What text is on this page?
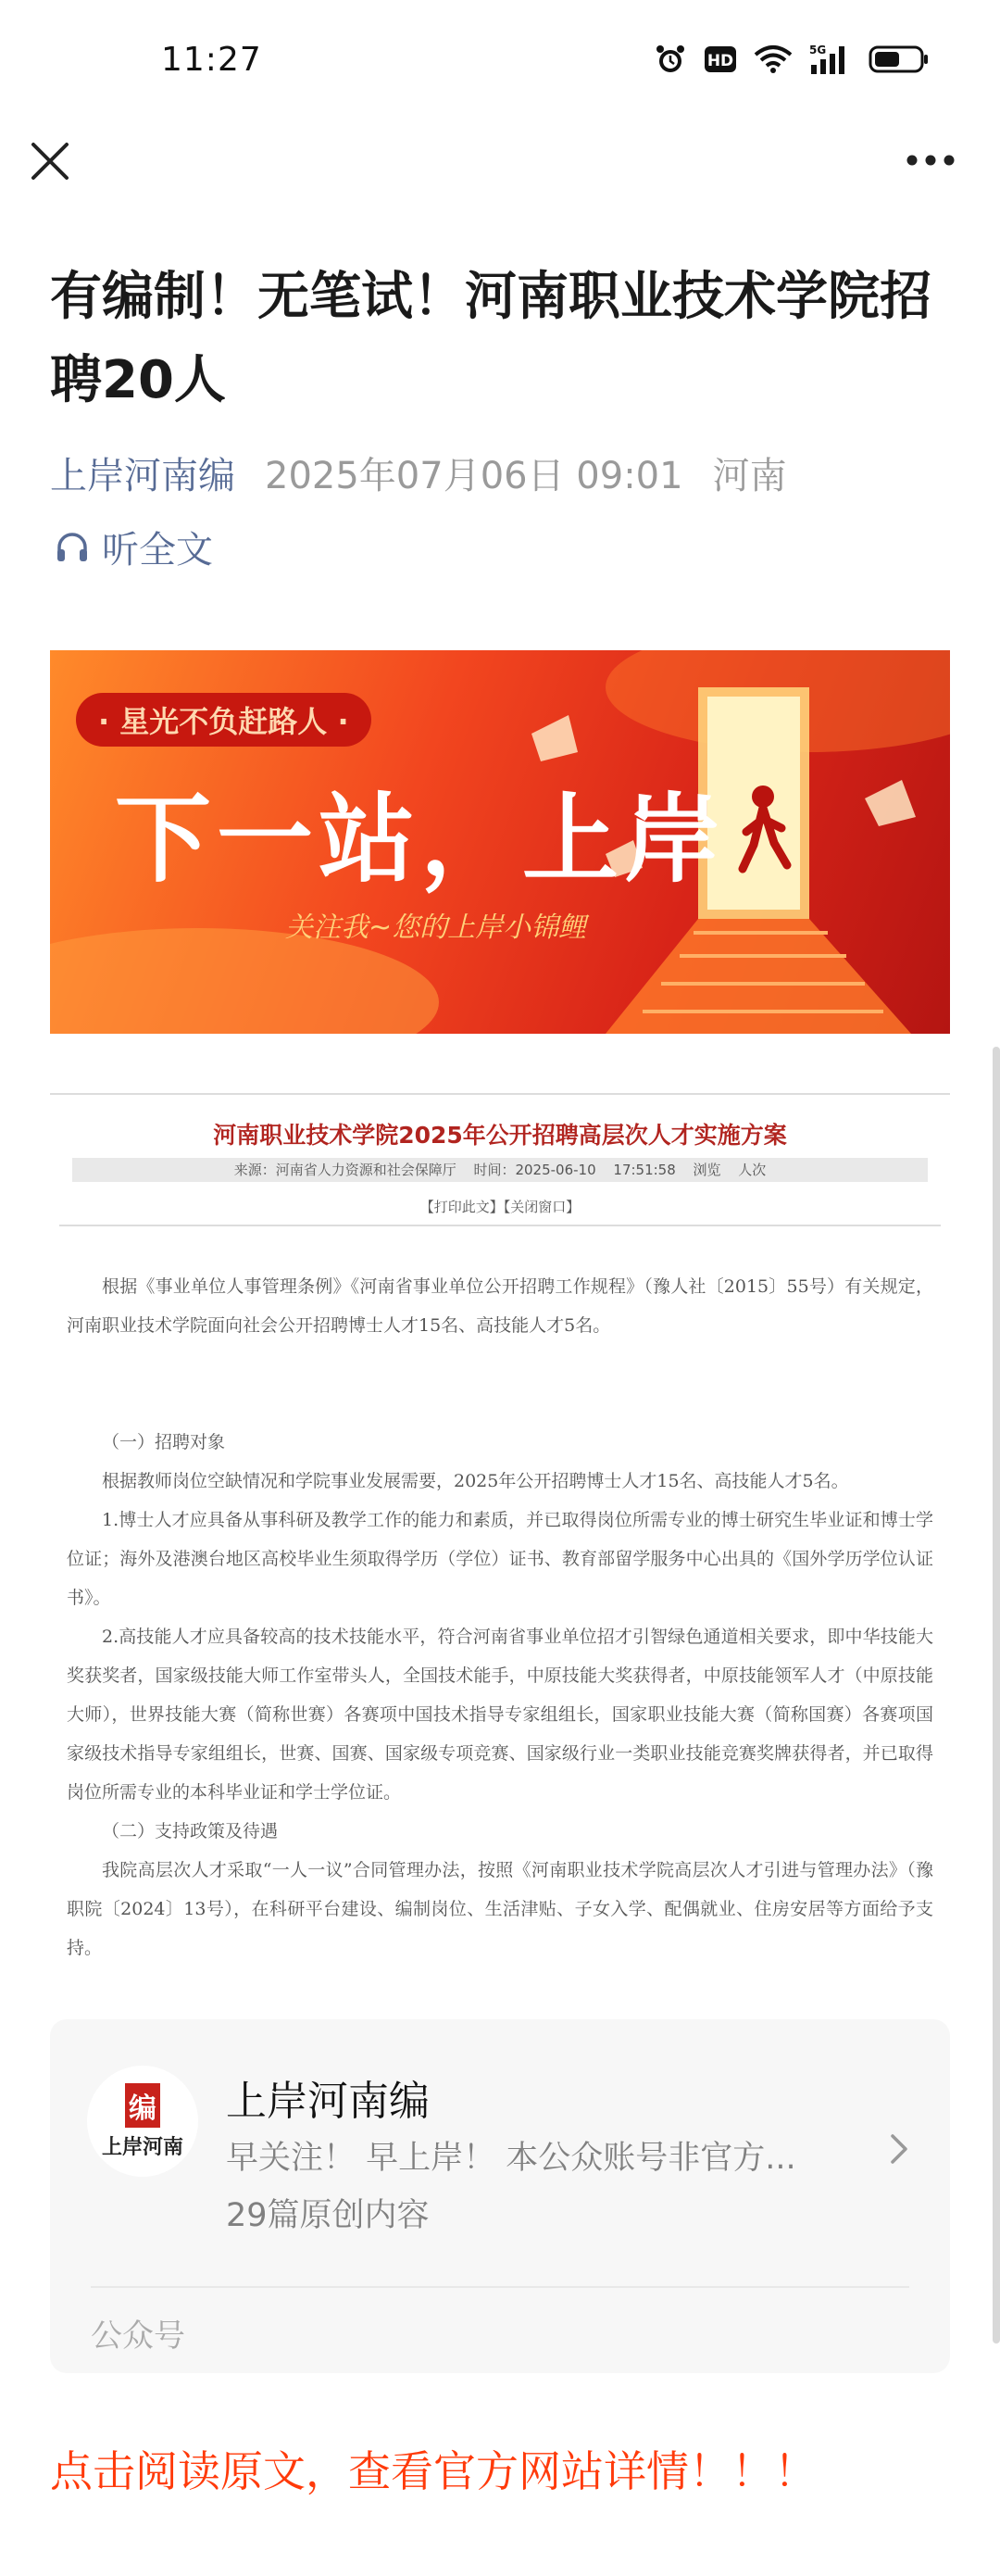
11:27	HD
5G
有编制！无笔试！河南职业技术学院招聘20人
上岸河南编 2025年07月06日 09:01 河南
听全文
· 星光不负赶路人 ·
下一站，上岸
关注我~您的上岸小锦鲤
河南职业技术学院2025年公开招聘高层次人才实施方案
来源：河南省人力资源和社会保障厅 时间：2025-06-10 17:51:58 浏览 人次
【打印此文】【关闭窗口】

根据《事业单位人事管理条例》《河南省事业单位公开招聘工作规程》（豫人社〔2015〕55号）有关规定，河南职业技术学院面向社会公开招聘博士人才15名、高技能人才5名。

（一）招聘对象

根据教师岗位空缺情况和学院事业发展需要，2025年公开招聘博士人才15名、高技能人才5名。

1.博士人才应具备从事科研及教学工作的能力和素质，并已取得岗位所需专业的博士研究生毕业证和博士学位证；海外及港澳台地区高校毕业生须取得学历（学位）证书、教育部留学服务中心出具的《国外学历学位认证书》。

2.高技能人才应具备较高的技术技能水平，符合河南省事业单位招才引智绿色通道相关要求，即中华技能大奖获奖者，国家级技能大师工作室带头人，全国技术能手，中原技能大奖获得者，中原技能领军人才（中原技能大师），世界技能大赛（简称世赛）各赛项中国技术指导专家组组长，国家职业技能大赛（简称国赛）各赛项国家级技术指导专家组组长，世赛、国赛、国家级专项竞赛、国家级行业一类职业技能竞赛奖牌获得者，并已取得岗位所需专业的本科毕业证和学士学位证。

（二）支持政策及待遇

我院高层次人才采取“一人一议”合同管理办法，按照《河南职业技术学院高层次人才引进与管理办法》（豫职院〔2024〕13号），在科研平台建设、编制岗位、生活津贴、子女入学、配偶就业、住房安居等方面给予支持。

编
上岸河南
上岸河南编
早关注！ 早上岸！ 本公众账号非官方...
29篇原创内容
公众号
点击阅读原文，查看官方网站详情！！！
